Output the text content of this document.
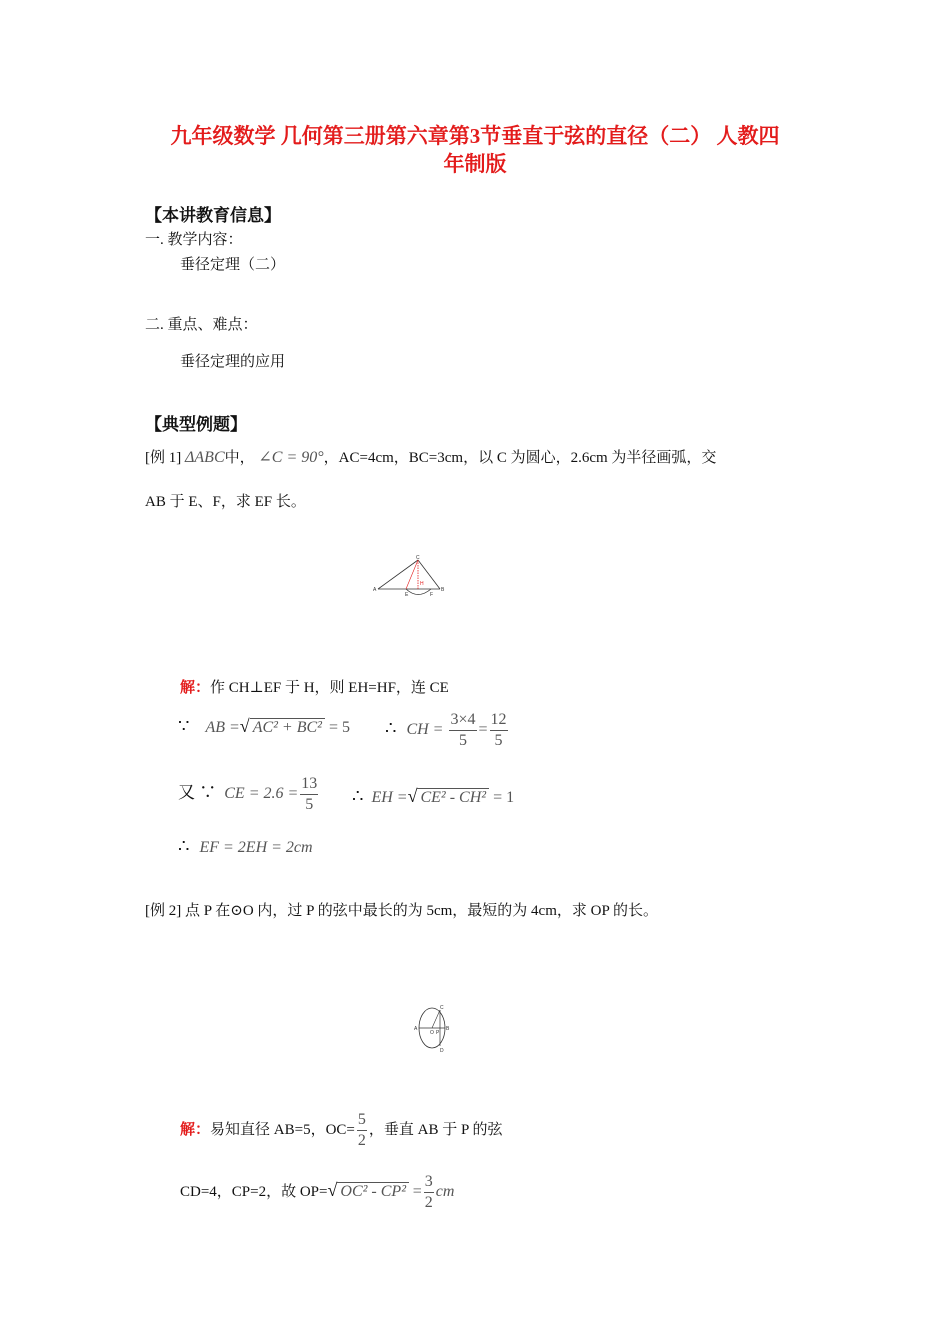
九年级数学 几何第三册第六章第3节垂直于弦的直径（二） 人教四
年制版
【本讲教育信息】
一. 教学内容：
垂径定理（二）
二. 重点、难点：
垂径定理的应用
【典型例题】
[例 1] ΔABC中， ∠C = 90°，AC=4cm，BC=3cm，以 C 为圆心，2.6cm 为半径画弧，交
AB 于 E、F，求 EF 长。
C
A
E
H
F
B
解：作 CH⊥EF 于 H，则 EH=HF，连 CE
∵ AB =√ AC² + BC² = 5 ∴ CH = $\frac{3\times 4}{5} = \frac{12}{5}$
又 ∵ CE = $2.6 = \frac{13}{5}$ ∴ EH =√ CE² - CH² = 1
∴ EF = 2EH = 2cm
[例 2] 点 P 在⊙O 内，过 P 的弦中最长的为 5cm，最短的为 4cm，求 OP 的长。
C
A
O P
B
D
解：易知直径 AB=5，$OC= \frac{5}{2}$ ，垂直 AB 于 P 的弦
CD=4，CP=2，故 OP=√ $OC^2 - CP^2 = \frac{3}{2}$ cm
